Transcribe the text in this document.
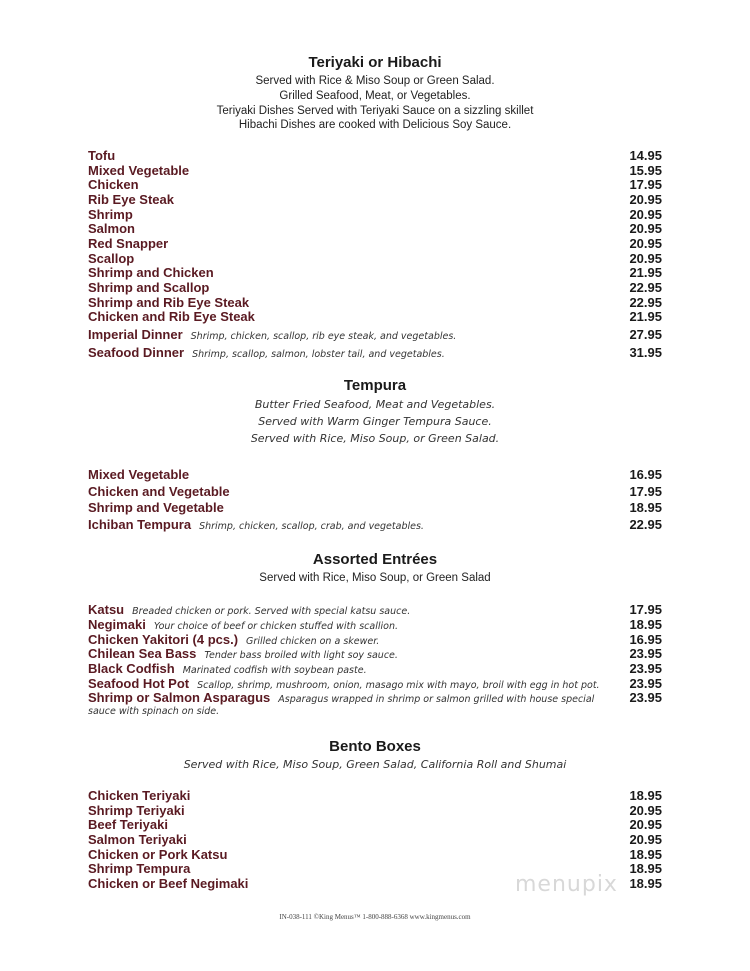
Teriyaki or Hibachi
Served with Rice & Miso Soup or Green Salad.
Grilled Seafood, Meat, or Vegetables.
Teriyaki Dishes Served with Teriyaki Sauce on a sizzling skillet
Hibachi Dishes are cooked with Delicious Soy Sauce.
Tofu	14.95
Mixed Vegetable	15.95
Chicken	17.95
Rib Eye Steak	20.95
Shrimp	20.95
Salmon	20.95
Red Snapper	20.95
Scallop	20.95
Shrimp and Chicken	21.95
Shrimp and Scallop	22.95
Shrimp and Rib Eye Steak	22.95
Chicken and Rib Eye Steak	21.95
Imperial Dinner Shrimp, chicken, scallop, rib eye steak, and vegetables.	27.95
Seafood Dinner Shrimp, scallop, salmon, lobster tail, and vegetables.	31.95
Tempura
Butter Fried Seafood, Meat and Vegetables.
Served with Warm Ginger Tempura Sauce.
Served with Rice, Miso Soup, or Green Salad.
Mixed Vegetable	16.95
Chicken and Vegetable	17.95
Shrimp and Vegetable	18.95
Ichiban Tempura Shrimp, chicken, scallop, crab, and vegetables.	22.95
Assorted Entrées
Served with Rice, Miso Soup, or Green Salad
Katsu Breaded chicken or pork. Served with special katsu sauce.	17.95
Negimaki Your choice of beef or chicken stuffed with scallion.	18.95
Chicken Yakitori (4 pcs.) Grilled chicken on a skewer.	16.95
Chilean Sea Bass Tender bass broiled with light soy sauce.	23.95
Black Codfish Marinated codfish with soybean paste.	23.95
Seafood Hot Pot Scallop, shrimp, mushroom, onion, masago mix with mayo, broil with egg in hot pot. 23.95
Shrimp or Salmon Asparagus Asparagus wrapped in shrimp or salmon grilled with house special	23.95
sauce with spinach on side.
Bento Boxes
Served with Rice, Miso Soup, Green Salad, California Roll and Shumai
Chicken Teriyaki	18.95
Shrimp Teriyaki	20.95
Beef Teriyaki	20.95
Salmon Teriyaki	20.95
Chicken or Pork Katsu	18.95
Shrimp Tempura	18.95
Chicken or Beef Negimaki	18.95
menupix
IN-038-111 ©King Menus™ 1-800-888-6368 www.kingmenus.com
